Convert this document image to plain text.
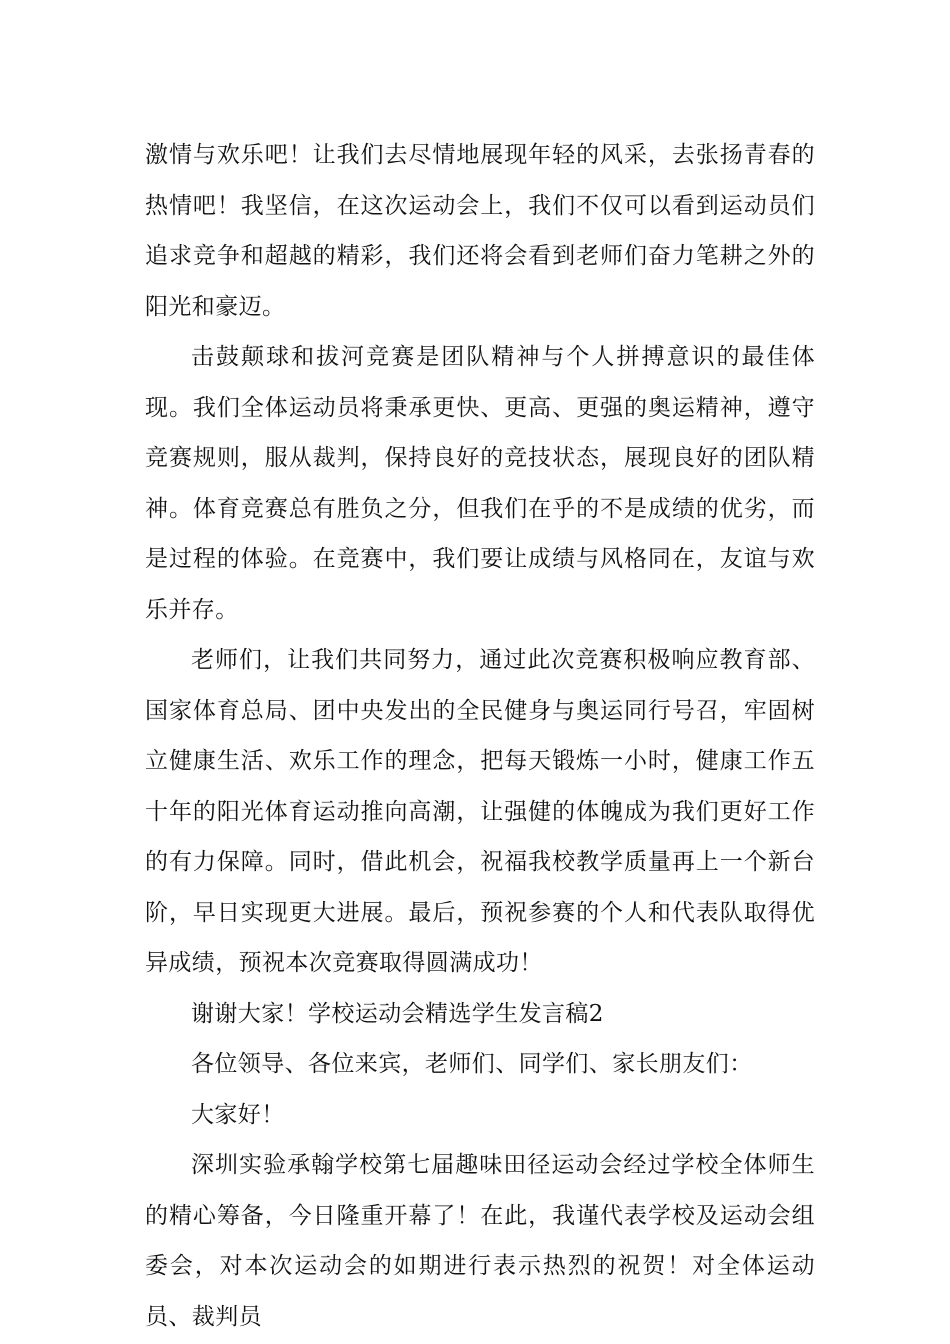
激情与欢乐吧！让我们去尽情地展现年轻的风采，去张扬青春的热情吧！我坚信，在这次运动会上，我们不仅可以看到运动员们追求竞争和超越的精彩，我们还将会看到老师们奋力笔耕之外的阳光和豪迈。

击鼓颠球和拔河竞赛是团队精神与个人拼搏意识的最佳体现。我们全体运动员将秉承更快、更高、更强的奥运精神，遵守竞赛规则，服从裁判，保持良好的竞技状态，展现良好的团队精神。体育竞赛总有胜负之分，但我们在乎的不是成绩的优劣，而是过程的体验。在竞赛中，我们要让成绩与风格同在，友谊与欢乐并存。

老师们，让我们共同努力，通过此次竞赛积极响应教育部、国家体育总局、团中央发出的全民健身与奥运同行号召，牢固树立健康生活、欢乐工作的理念，把每天锻炼一小时，健康工作五十年的阳光体育运动推向高潮，让强健的体魄成为我们更好工作的有力保障。同时，借此机会，祝福我校教学质量再上一个新台阶，早日实现更大进展。最后，预祝参赛的个人和代表队取得优异成绩，预祝本次竞赛取得圆满成功！

谢谢大家！学校运动会精选学生发言稿2

各位领导、各位来宾，老师们、同学们、家长朋友们：

大家好！

深圳实验承翰学校第七届趣味田径运动会经过学校全体师生的精心筹备，今日隆重开幕了！在此，我谨代表学校及运动会组委会，对本次运动会的如期进行表示热烈的祝贺！对全体运动员、裁判员
